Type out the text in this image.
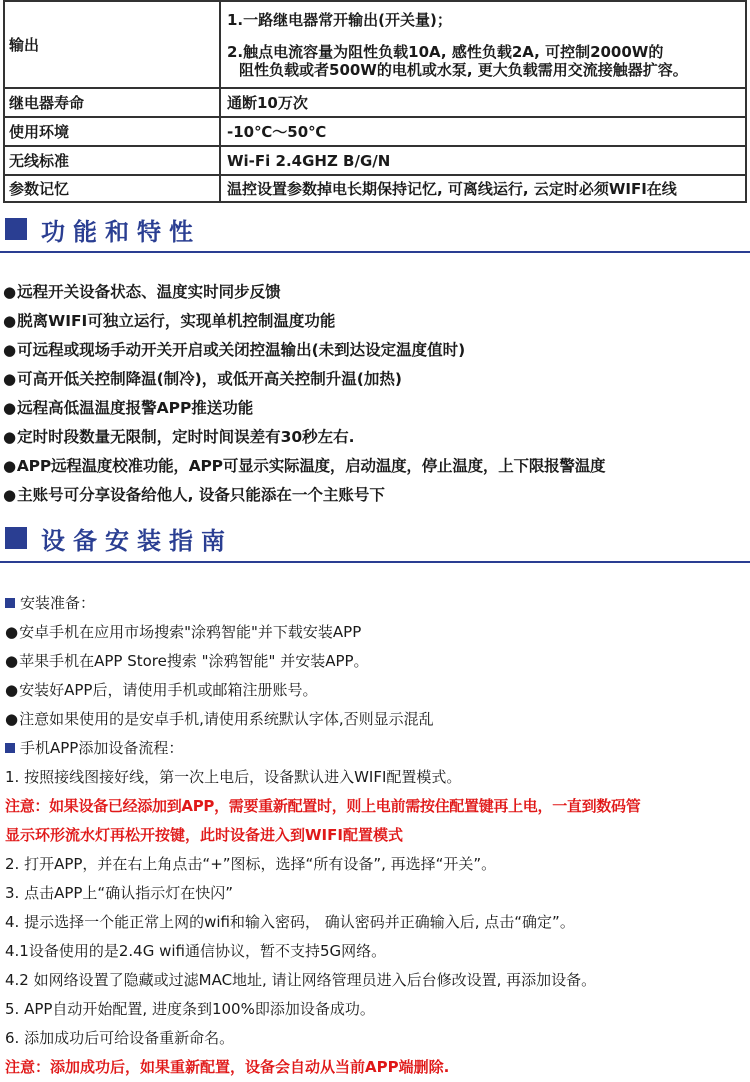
输出	1.一路继电器常开输出(开关量)；
2.触点电流容量为阻性负载10A, 感性负载2A, 可控制2000W的
阻性负载或者500W的电机或水泵, 更大负载需用交流接触器扩容。

继电器寿命	通断10万次
使用环境	-10℃～50℃
无线标准	Wi-Fi 2.4GHZ B/G/N
参数记忆	温控设置参数掉电长期保持记忆, 可离线运行, 云定时必须WIFI在线
功能和特性
●远程开关设备状态、温度实时同步反馈
●脱离WIFI可独立运行，实现单机控制温度功能
●可远程或现场手动开关开启或关闭控温输出(未到达设定温度值时)
●可高开低关控制降温(制冷)，或低开高关控制升温(加热)
●远程高低温温度报警APP推送功能
●定时时段数量无限制，定时时间误差有30秒左右.
●APP远程温度校准功能，APP可显示实际温度，启动温度，停止温度，上下限报警温度
●主账号可分享设备给他人, 设备只能添在一个主账号下
设备安装指南
安装准备：
●安卓手机在应用市场搜索"涂鸦智能"并下载安装APP
●苹果手机在APP Store搜索 "涂鸦智能" 并安装APP。
●安装好APP后，请使用手机或邮箱注册账号。
●注意如果使用的是安卓手机,请使用系统默认字体,否则显示混乱
手机APP添加设备流程：
1. 按照接线图接好线，第一次上电后，设备默认进入WIFI配置模式。
注意：如果设备已经添加到APP，需要重新配置时，则上电前需按住配置键再上电，一直到数码管
显示环形流水灯再松开按键，此时设备进入到WIFI配置模式
2. 打开APP，并在右上角点击“+”图标，选择“所有设备”, 再选择“开关”。
3. 点击APP上“确认指示灯在快闪”
4. 提示选择一个能正常上网的wifi和输入密码， 确认密码并正确输入后, 点击“确定”。
4.1设备使用的是2.4G wifi通信协议，暂不支持5G网络。
4.2 如网络设置了隐藏或过滤MAC地址, 请让网络管理员进入后台修改设置, 再添加设备。
5. APP自动开始配置, 进度条到100%即添加设备成功。
6. 添加成功后可给设备重新命名。
注意：添加成功后，如果重新配置，设备会自动从当前APP端删除.
